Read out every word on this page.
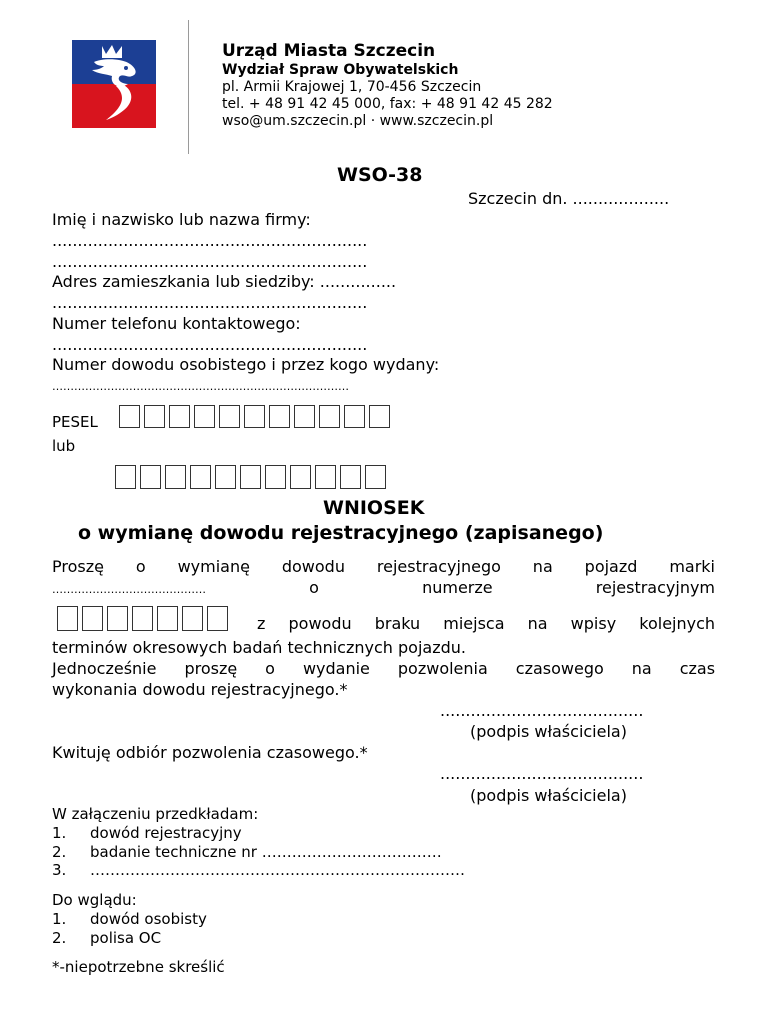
Urząd Miasta Szczecin
Wydział Spraw Obywatelskich
pl. Armii Krajowej 1, 70-456 Szczecin
tel. + 48 91 42 45 000, fax: + 48 91 42 45 282
wso@um.szczecin.pl · www.szczecin.pl
WSO-38
Szczecin dn. ...................
Imię i nazwisko lub nazwa firmy:
..............................................................
..............................................................
Adres zamieszkania lub siedziby: ...............
..............................................................
Numer telefonu kontaktowego:
..............................................................
Numer dowodu osobistego i przez kogo wydany:
………………………………………………………………………
PESEL
lub
WNIOSEK
o wymianę dowodu rejestracyjnego (zapisanego)
Proszę o wymianę dowodu rejestracyjnego na pojazd marki
……………………………………	o	numerze	rejestracyjnym
z powodu braku miejsca na wpisy kolejnych
terminów okresowych badań technicznych pojazdu.
Jednocześnie proszę o wydanie pozwolenia czasowego na czas
wykonania dowodu rejestracyjnego.*
........................................
(podpis właściciela)
Kwituję odbiór pozwolenia czasowego.*
........................................
(podpis właściciela)
W załączeniu przedkładam:
1. dowód rejestracyjny
2. badanie techniczne nr ………………………………
3. …………………………………………………………………
Do wglądu:
1. dowód osobisty
2. polisa OC
*-niepotrzebne skreślić
